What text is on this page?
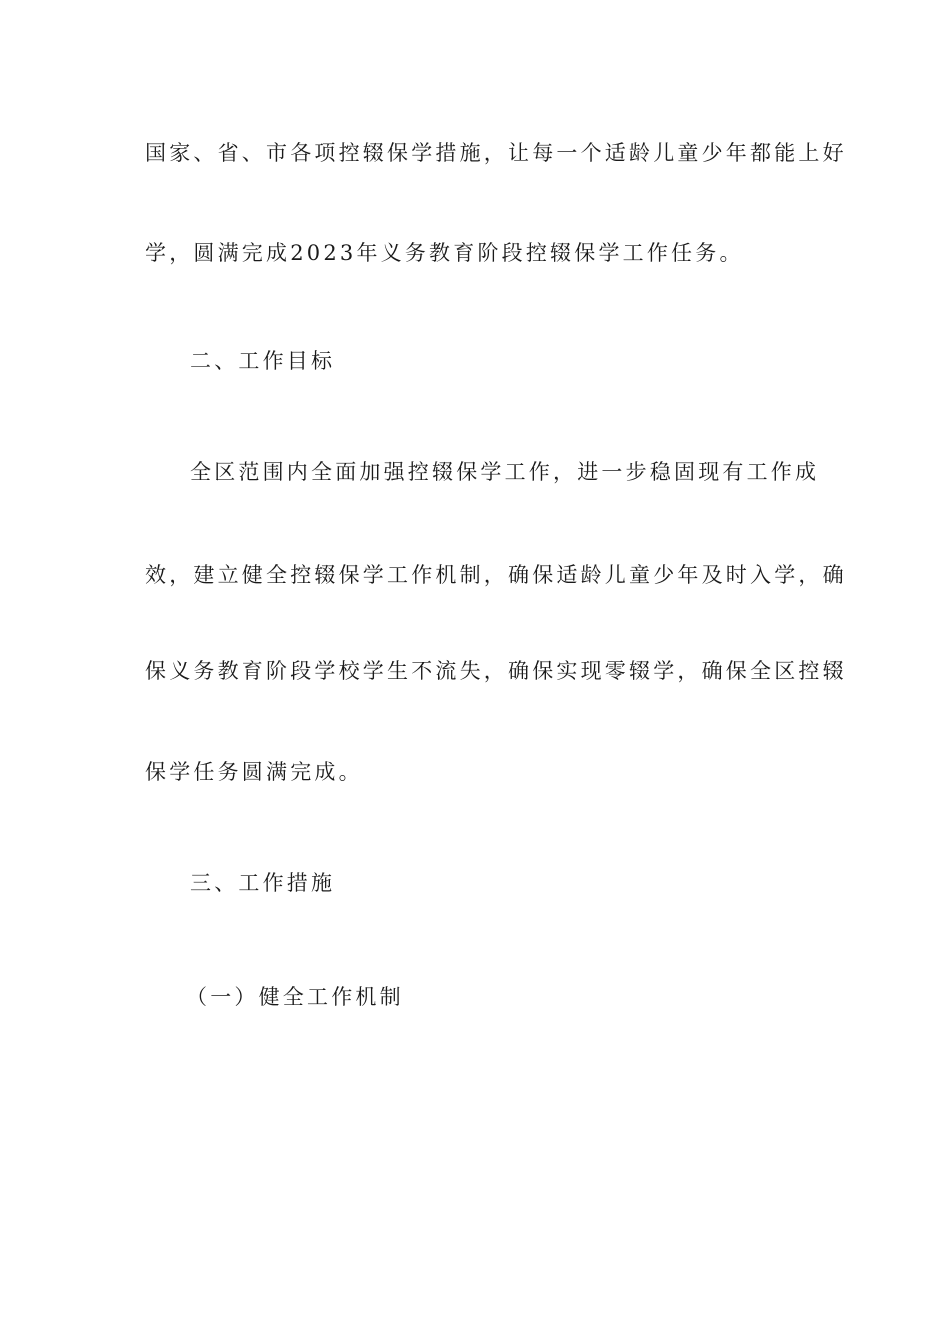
国家、省、市各项控辍保学措施，让每一个适龄儿童少年都能上好
学，圆满完成2023年义务教育阶段控辍保学工作任务。
二、工作目标
全区范围内全面加强控辍保学工作，进一步稳固现有工作成
效，建立健全控辍保学工作机制，确保适龄儿童少年及时入学，确
保义务教育阶段学校学生不流失，确保实现零辍学，确保全区控辍
保学任务圆满完成。
三、工作措施
（一）健全工作机制
